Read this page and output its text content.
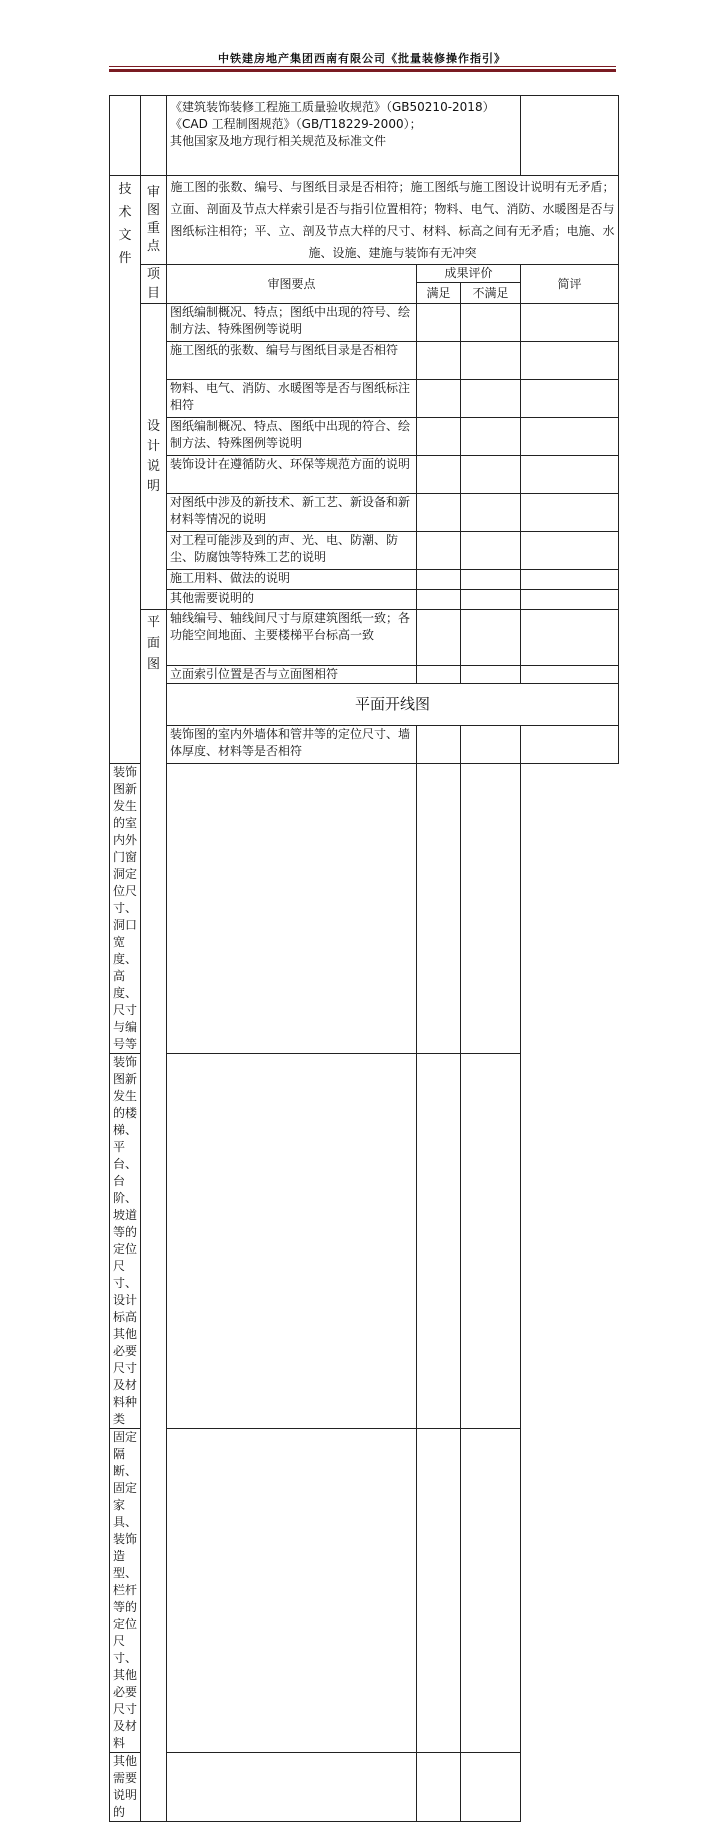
中铁建房地产集团西南有限公司《批量装修操作指引》

		《建筑装饰装修工程施工质量验收规范》（GB50210-2018）
《CAD 工程制图规范》（GB/T18229-2000）；
其他国家及地方现行相关规范及标准文件			

技术文件	审图重点	施工图的张数、编号、与图纸目录是否相符；施工图纸与施工图设计说明有无矛盾；立面、剖面及节点大样索引是否与指引位置相符；物料、电气、消防、水暖图是否与图纸标注相符；平、立、剖及节点大样的尺寸、材料、标高之间有无矛盾；电施、水施、设施、建施与装饰有无冲突			

	项目	审图要点	成果评价		简评
			满足	不满足	

	设计说明	图纸编制概况、特点；图纸中出现的符号、绘制方法、特殊图例等说明			
		施工图纸的张数、编号与图纸目录是否相符			
		物料、电气、消防、水暖图等是否与图纸标注相符			
		图纸编制概况、特点、图纸中出现的符合、绘制方法、特殊图例等说明			
		装饰设计在遵循防火、环保等规范方面的说明			
		对图纸中涉及的新技术、新工艺、新设备和新材料等情况的说明			
		对工程可能涉及到的声、光、电、防潮、防尘、防腐蚀等特殊工艺的说明			
		施工用料、做法的说明			
		其他需要说明的			

	平面图	轴线编号、轴线间尺寸与原建筑图纸一致；各功能空间地面、主要楼梯平台标高一致			
		立面索引位置是否与立面图相符			
		平面开线图			
		装饰图的室内外墙体和管井等的定位尺寸、墙体厚度、材料等是否相符			
装饰图新发生的室内外门窗洞定位尺寸、洞口宽度、高度、尺寸与编号等					
装饰图新发生的楼梯、平台、台阶、坡道等的定位尺寸、设计标高其他必要尺寸及材料种类					
固定隔断、固定家具、装饰造型、栏杆等的定位尺寸、其他必要尺寸及材料					
其他需要说明的					
